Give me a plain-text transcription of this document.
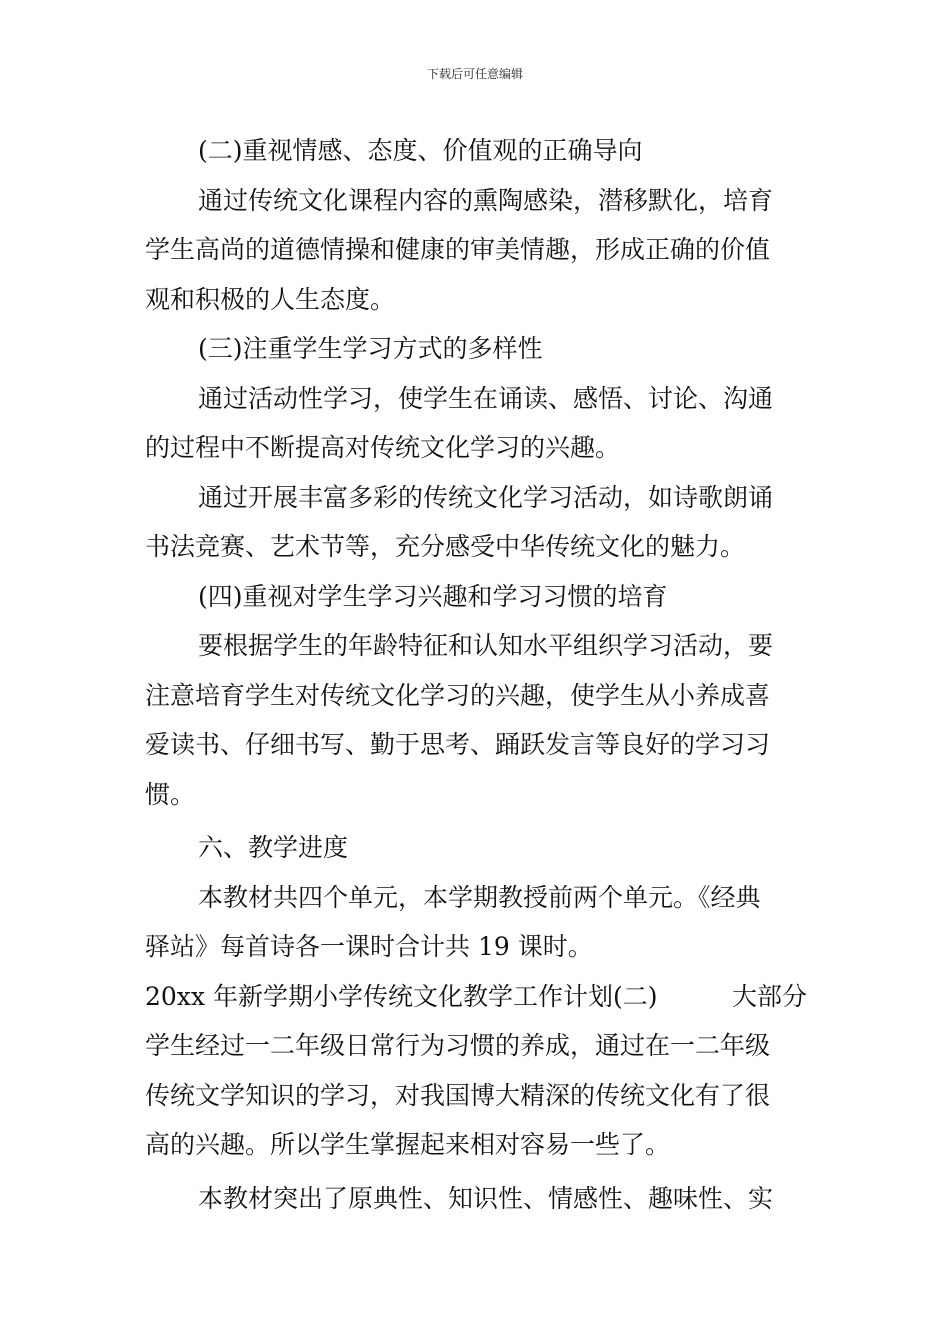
下载后可任意编辑
(二)重视情感、态度、价值观的正确导向
通过传统文化课程内容的熏陶感染，潜移默化，培育
学生高尚的道德情操和健康的审美情趣，形成正确的价值
观和积极的人生态度。
(三)注重学生学习方式的多样性
通过活动性学习，使学生在诵读、感悟、讨论、沟通
的过程中不断提高对传统文化学习的兴趣。
通过开展丰富多彩的传统文化学习活动，如诗歌朗诵
书法竞赛、艺术节等，充分感受中华传统文化的魅力。
(四)重视对学生学习兴趣和学习习惯的培育
要根据学生的年龄特征和认知水平组织学习活动，要
注意培育学生对传统文化学习的兴趣，使学生从小养成喜
爱读书、仔细书写、勤于思考、踊跃发言等良好的学习习
惯。
六、教学进度
本教材共四个单元，本学期教授前两个单元。《经典
驿站》每首诗各一课时合计共 19 课时。
20xx 年新学期小学传统文化教学工作计划(二)	大部分
学生经过一二年级日常行为习惯的养成，通过在一二年级
传统文学知识的学习，对我国博大精深的传统文化有了很
高的兴趣。所以学生掌握起来相对容易一些了。
本教材突出了原典性、知识性、情感性、趣味性、实
